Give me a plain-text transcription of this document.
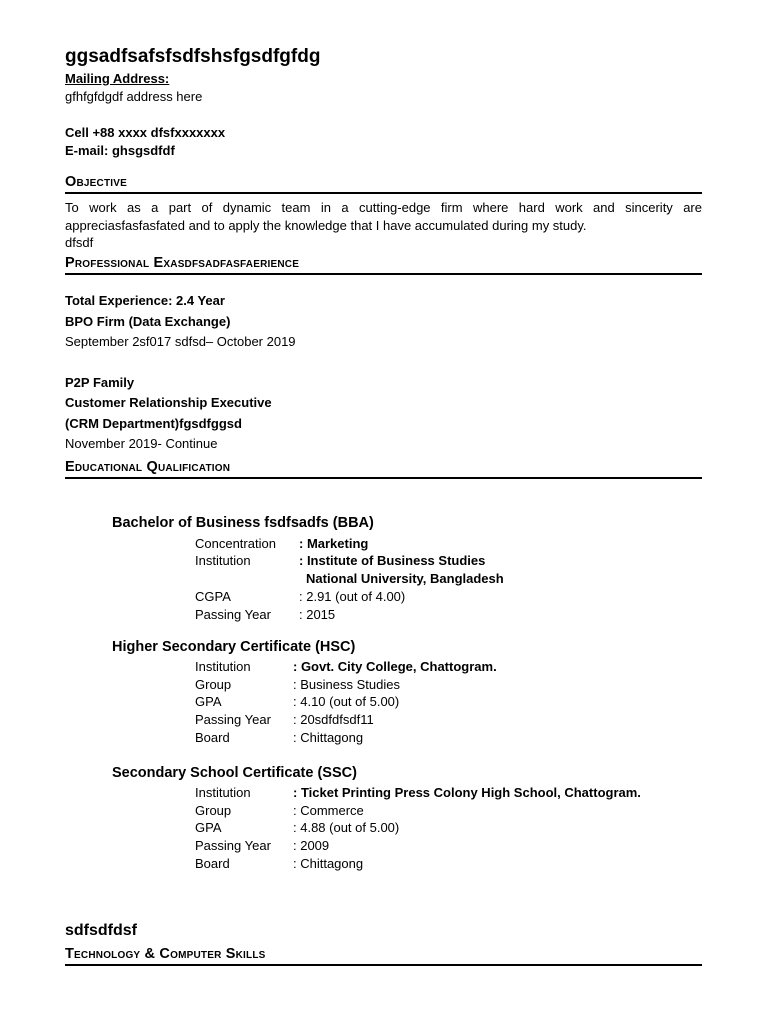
ggsadfsafsfsdfshsfgsdfgfdg
Mailing Address:
gfhfgfdgdf address here
Cell +88 xxxx dfsfxxxxxxx
E-mail: ghsgsdfdf
Objective
To work as a part of dynamic team in a cutting-edge firm where hard work and sincerity are appreciasfasfasfated and to apply the knowledge that I have accumulated during my study.
dfsdf
Professional Exasdfsadfasfaerience
Total Experience: 2.4 Year
BPO Firm (Data Exchange)
September 2sf017 sdfsd– October 2019
P2P Family
Customer Relationship Executive
(CRM Department)fgsdfggsd
November 2019- Continue
Educational Qualification
Bachelor of Business fsdfsadfs (BBA)
Concentration : Marketing
Institution	: Institute of Business Studies
National University, Bangladesh
CGPA	: 2.91 (out of 4.00)
Passing Year : 2015
Higher Secondary Certificate (HSC)
Institution	: Govt. City College, Chattogram.
Group	: Business Studies
GPA	: 4.10 (out of 5.00)
Passing Year : 20sdfdfsdf11
Board	: Chittagong
Secondary School Certificate (SSC)
Institution	: Ticket Printing Press Colony High School, Chattogram.
Group	: Commerce
GPA	: 4.88 (out of 5.00)
Passing Year : 2009
Board	: Chittagong
sdfsdfdsf
Technology & Computer Skills
